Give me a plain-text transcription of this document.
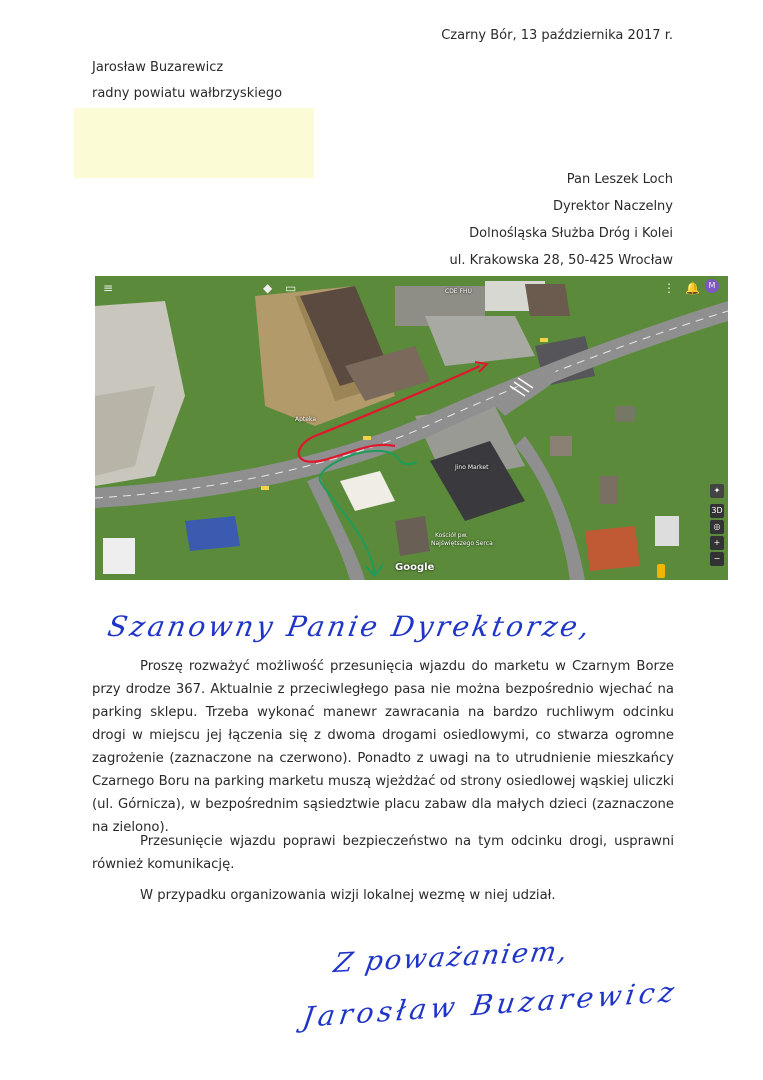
Czarny Bór, 13 października 2017 r.
Jarosław Buzarewicz
radny powiatu wałbrzyskiego
Pan Leszek Loch
Dyrektor Naczelny
Dolnośląska Służba Dróg i Kolei
ul. Krakowska 28, 50-425 Wrocław
≡	◆ ▭	⋮ 🔔	M
Apteka
Jino Market
Kościół pw.
Najświętszego Serca
CDE FHU
✦
3D
◎
+
−
Google
Szanowny Panie Dyrektorze,
Proszę rozważyć możliwość przesunięcia wjazdu do marketu w Czarnym Borze przy drodze 367. Aktualnie z przeciwległego pasa nie można bezpośrednio wjechać na parking sklepu. Trzeba wykonać manewr zawracania na bardzo ruchliwym odcinku drogi w miejscu jej łączenia się z dwoma drogami osiedlowymi, co stwarza ogromne zagrożenie (zaznaczone na czerwono). Ponadto z uwagi na to utrudnienie mieszkańcy Czarnego Boru na parking marketu muszą wjeżdżać od strony osiedlowej wąskiej uliczki (ul. Górnicza), w bezpośrednim sąsiedztwie placu zabaw dla małych dzieci (zaznaczone na zielono).
Przesunięcie wjazdu poprawi bezpieczeństwo na tym odcinku drogi, usprawni również komunikację.
W przypadku organizowania wizji lokalnej wezmę w niej udział.
Z poważaniem,
Jarosław Buzarewicz
